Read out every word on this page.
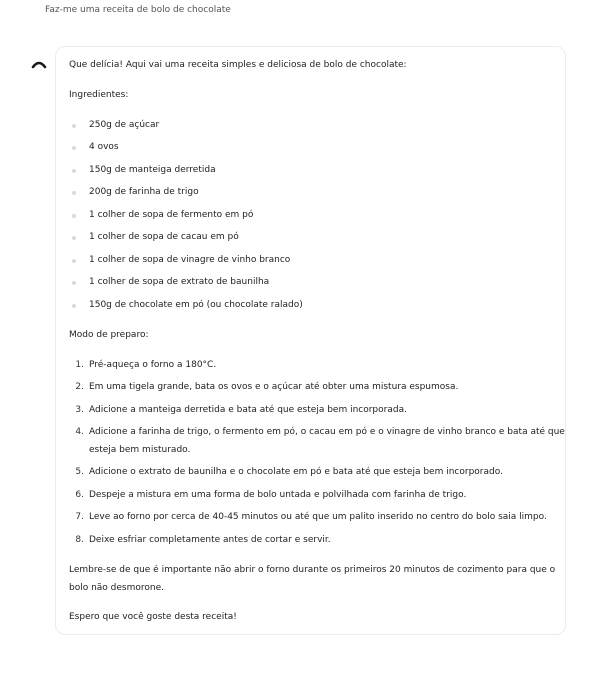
Faz-me uma receita de bolo de chocolate
Que delícia! Aqui vai uma receita simples e deliciosa de bolo de chocolate:
Ingredientes:
250g de açúcar
4 ovos
150g de manteiga derretida
200g de farinha de trigo
1 colher de sopa de fermento em pó
1 colher de sopa de cacau em pó
1 colher de sopa de vinagre de vinho branco
1 colher de sopa de extrato de baunilha
150g de chocolate em pó (ou chocolate ralado)
Modo de preparo:
1. Pré-aqueça o forno a 180°C.
2. Em uma tigela grande, bata os ovos e o açúcar até obter uma mistura espumosa.
3. Adicione a manteiga derretida e bata até que esteja bem incorporada.
4. Adicione a farinha de trigo, o fermento em pó, o cacau em pó e o vinagre de vinho branco e bata até que
esteja bem misturado.
5. Adicione o extrato de baunilha e o chocolate em pó e bata até que esteja bem incorporado.
6. Despeje a mistura em uma forma de bolo untada e polvilhada com farinha de trigo.
7. Leve ao forno por cerca de 40-45 minutos ou até que um palito inserido no centro do bolo saia limpo.
8. Deixe esfriar completamente antes de cortar e servir.
Lembre-se de que é importante não abrir o forno durante os primeiros 20 minutos de cozimento para que o
bolo não desmorone.
Espero que você goste desta receita!
